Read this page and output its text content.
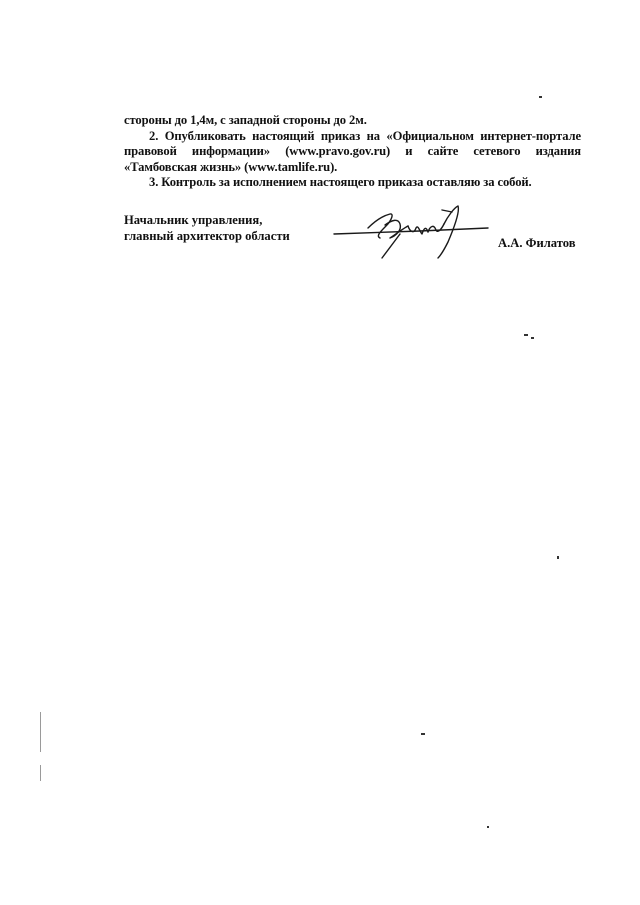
стороны до 1,4м, с западной стороны до 2м.

2. Опубликовать настоящий приказ на «Официальном интернет-портале правовой информации» (www.pravo.gov.ru) и сайте сетевого издания «Тамбовская жизнь» (www.tamlife.ru).

3. Контроль за исполнением настоящего приказа оставляю за собой.

Начальник управления,
главный архитектор области	А.А. Филатов
